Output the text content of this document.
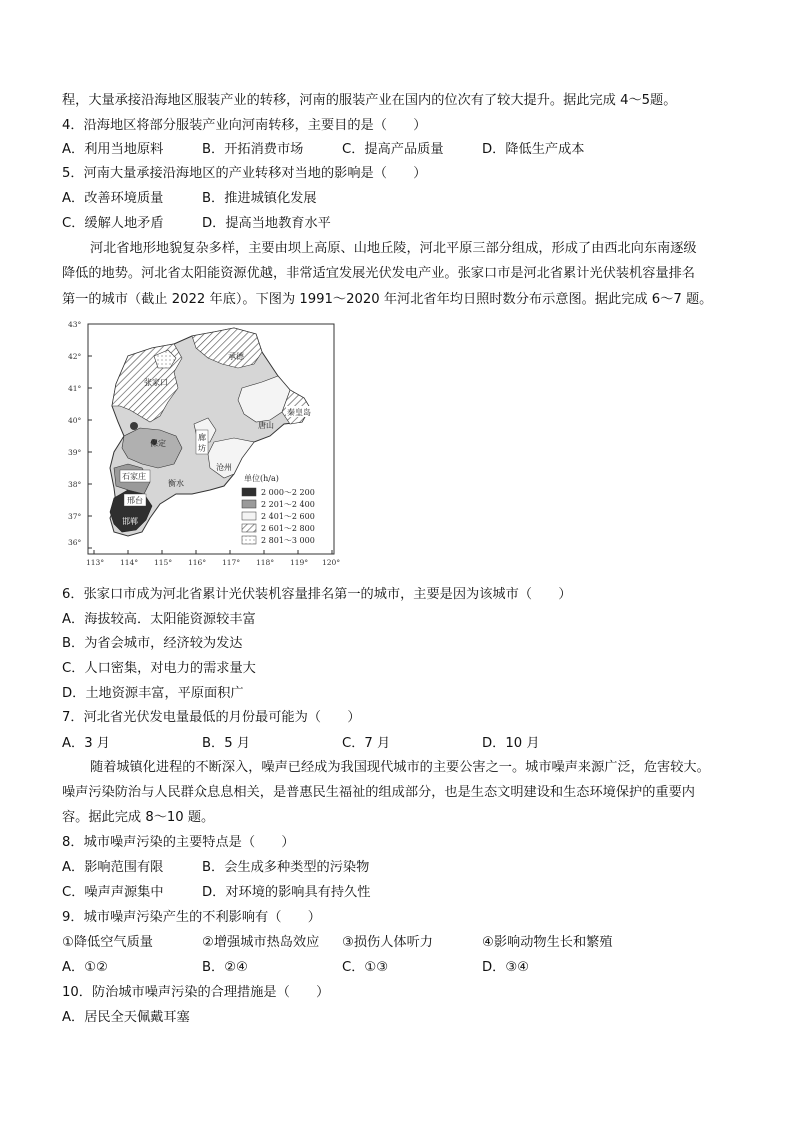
程，大量承接沿海地区服装产业的转移，河南的服装产业在国内的位次有了较大提升。据此完成 4～5题。
4．沿海地区将部分服装产业向河南转移，主要目的是（　　）
A．利用当地原料	B．开拓消费市场	C．提高产品质量	D．降低生产成本
5．河南大量承接沿海地区的产业转移对当地的影响是（　　）
A．改善环境质量	B．推进城镇化发展
C．缓解人地矛盾	D．提高当地教育水平
河北省地形地貌复杂多样，主要由坝上高原、山地丘陵，河北平原三部分组成，形成了由西北向东南逐级
降低的地势。河北省太阳能资源优越，非常适宜发展光伏发电产业。张家口市是河北省累计光伏装机容量排名
第一的城市（截止 2022 年底）。下图为 1991～2020 年河北省年均日照时数分布示意图。据此完成 6～7 题。
43°
42°
41°
40°
39°
38°
37°
36°
113° 114° 115° 116° 117° 118° 119° 120°
承德
张家口
秦皇岛
唐山
保定
廊
坊
沧州
石家庄
衡水
邢台
邯郸
单位(h/a)
2 000～2 200
2 201～2 400
2 401～2 600
2 601～2 800
2 801～3 000
6．张家口市成为河北省累计光伏装机容量排名第一的城市，主要是因为该城市（　　）
A．海拔较高．太阳能资源较丰富
B．为省会城市，经济较为发达
C．人口密集，对电力的需求量大
D．土地资源丰富，平原面积广
7．河北省光伏发电量最低的月份最可能为（　　）
A．3 月	B．5 月	C．7 月	D．10 月
随着城镇化进程的不断深入，噪声已经成为我国现代城市的主要公害之一。城市噪声来源广泛，危害较大。
噪声污染防治与人民群众息息相关，是普惠民生福祉的组成部分，也是生态文明建设和生态环境保护的重要内
容。据此完成 8～10 题。
8．城市噪声污染的主要特点是（　　）
A．影响范围有限	B．会生成多种类型的污染物
C．噪声声源集中	D．对环境的影响具有持久性
9．城市噪声污染产生的不利影响有（　　）
①降低空气质量	②增强城市热岛效应 ③损伤人体听力	④影响动物生长和繁殖
A．①②	B．②④	C．①③	D．③④
10．防治城市噪声污染的合理措施是（　　）
A．居民全天佩戴耳塞
